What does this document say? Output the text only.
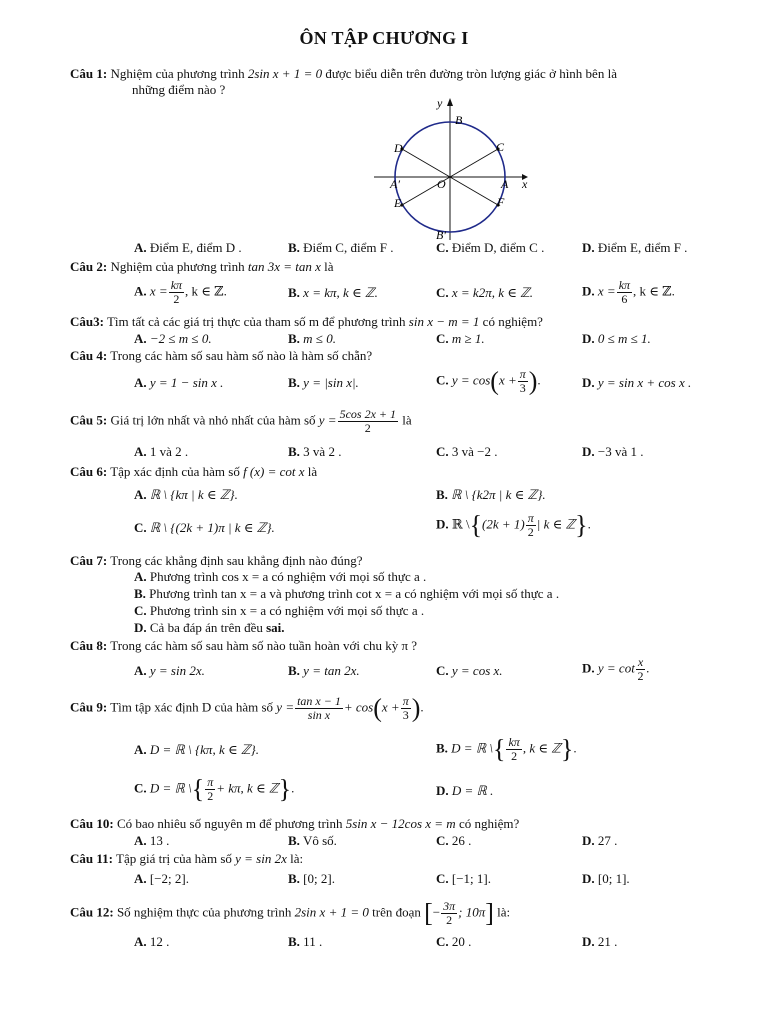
ÔN TẬP CHƯƠNG I
Câu 1: Nghiệm của phương trình 2sin x + 1 = 0 được biểu diễn trên đường tròn lượng giác ở hình bên là
những điểm nào ?
y
x
B
C
D
A
A′	O
E	F
B′
A. Điểm E, điểm D .	B. Điểm C, điểm F .	C. Điểm D, điểm C .	D. Điểm E, điểm F .
Câu 2: Nghiệm của phương trình tan 3x = tan x là
A. $x = \frac{k\pi}{2}$ , k ∈ ℤ.	B. x = kπ, k ∈ ℤ.	C. x = k2π, k ∈ ℤ.	D. $x = \frac{k\pi}{6}$ , k ∈ ℤ.
Câu3: Tìm tất cả các giá trị thực của tham số m để phương trình sin x − m = 1 có nghiệm?
A. −2 ≤ m ≤ 0.	B. m ≤ 0.	C. m ≥ 1.	D. 0 ≤ m ≤ 1.
Câu 4: Trong các hàm số sau hàm số nào là hàm số chẵn?
A. y = 1 − sin x .	B. y = |sin x|.	C. $y = \cos(x + \frac{\pi}{3}$ ).	D. y = sin x + cos x .
Câu 5: Giá trị lớn nhất và nhỏ nhất của hàm số $y = \frac{5\cos 2x + 1}{2}$ là
A. 1 và 2 .	B. 3 và 2 .	C. 3 và −2 .	D. −3 và 1 .
Câu 6: Tập xác định của hàm số f (x) = cot x là
A. ℝ \ {kπ | k ∈ ℤ}.	B. ℝ \ {k2π | k ∈ ℤ}.
C. ℝ \ {(2k + 1)π | k ∈ ℤ}.	D. ℝ \{(2k + $1) \frac{\pi}{2}$ | k ∈ ℤ}.
Câu 7: Trong các khẳng định sau khẳng định nào đúng?
A. Phương trình cos x = a có nghiệm với mọi số thực a .
B. Phương trình tan x = a và phương trình cot x = a có nghiệm với mọi số thực a .
C. Phương trình sin x = a có nghiệm với mọi số thực a .
D. Cả ba đáp án trên đều sai.
Câu 8: Trong các hàm số sau hàm số nào tuần hoàn với chu kỳ π ?
A. y = sin 2x.	B. y = tan 2x.	C. y = cos x.	D. $y = \cot \frac{x}{2}$ .
Câu 9: Tìm tập xác định D của hàm số $y = \frac{\text{tan x − 1}}{\text{sin x}} + \cos(x + \frac{\pi}{3}$ ).
A. D = ℝ \ {kπ, k ∈ ℤ}.	B. D = ℝ \{ $\frac{k\pi}{2}$ , k ∈ ℤ}.
C. D = ℝ \{ $\frac{\pi}{2} + k\pi$, k ∈ ℤ}.	D. D = ℝ .
Câu 10: Có bao nhiêu số nguyên m để phương trình 5sin x − 12cos x = m có nghiệm?
A. 13 .	B. Vô số.	C. 26 .	D. 27 .
Câu 11: Tập giá trị của hàm số y = sin 2x là:
A. [−2; 2].	B. [0; 2].	C. [−1; 1].	D. [0; 1].
Câu 12: Số nghiệm thực của phương trình 2sin x + 1 = 0 trên đoạn [− $\frac{3\pi}{2}$ ; 10π] là:
A. 12 .	B. 11 .	C. 20 .	D. 21 .
